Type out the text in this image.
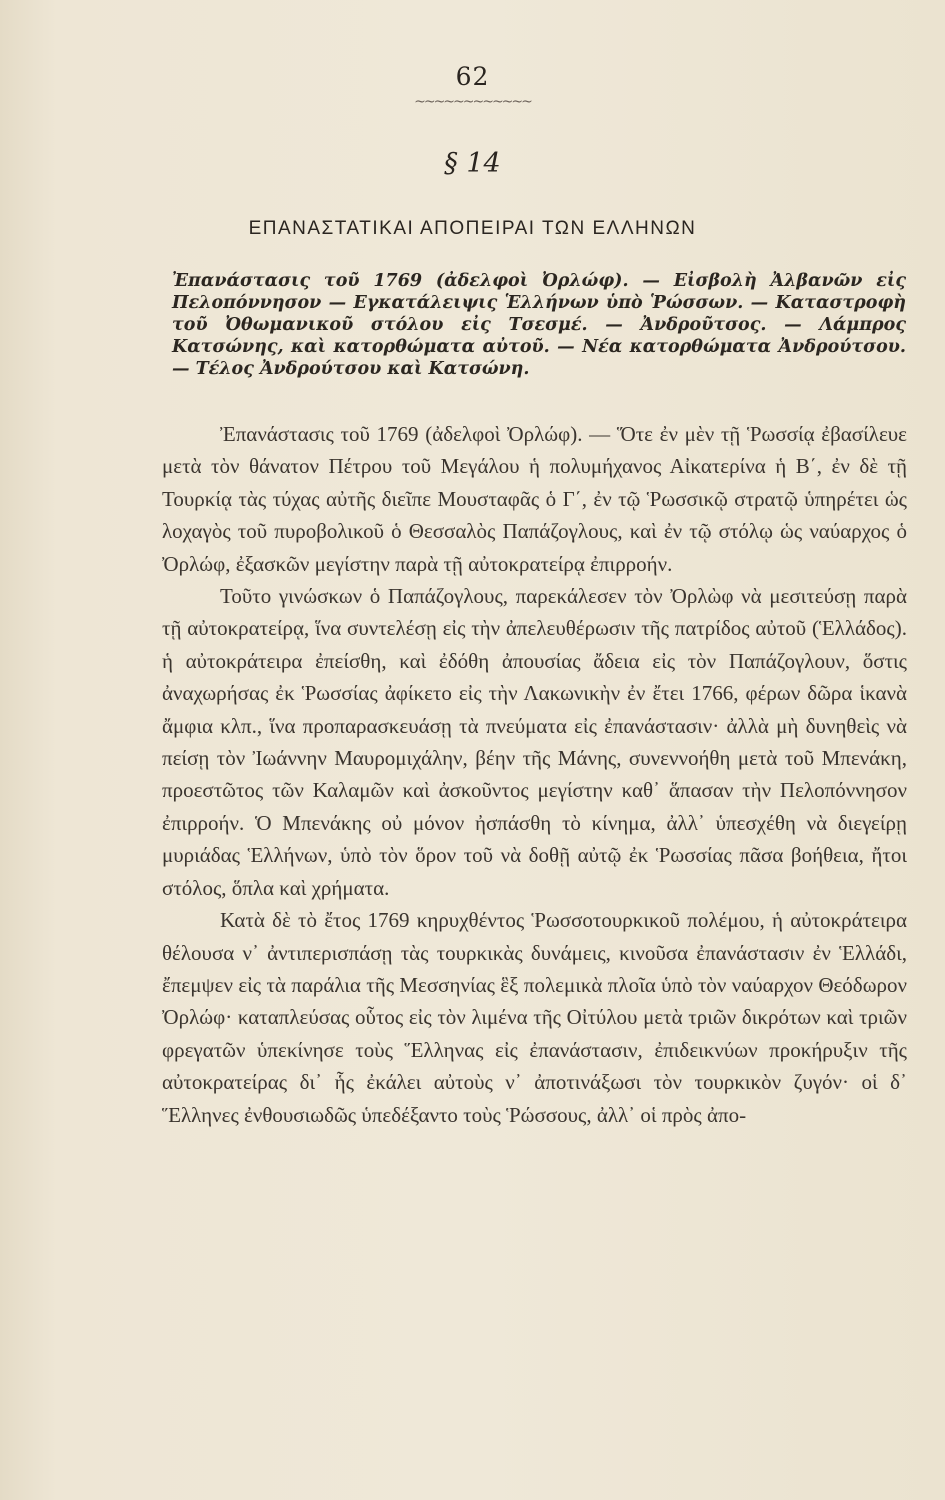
62
~~~~~~~~~~~~
§ 14
ΕΠΑΝΑΣΤΑΤΙΚΑΙ ΑΠΟΠΕΙΡΑΙ ΤΩΝ ΕΛΛΗΝΩΝ
Ἐπανάστασις τοῦ 1769 (ἀδελφοὶ Ὀρλώφ). — Εἰσβολὴ Ἀλβανῶν εἰς Πελοπόννησον — Εγκατάλειψις Ἑλλήνων ὑπὸ Ῥώσσων. — Καταστροφὴ τοῦ Ὀθωμανικοῦ στόλου εἰς Τσεσμέ. — Ἀνδροῦτσος. — Λάμπρος Κατσώνης, καὶ κατορθώματα αὐτοῦ. — Νέα κατορθώματα Ἀνδρούτσου. — Τέλος Ἀνδρούτσου καὶ Κατσώνη.

Ἐπανάστασις τοῦ 1769 (ἀδελφοὶ Ὀρλώφ). — Ὅτε ἐν μὲν τῇ Ῥωσσίᾳ ἐβασίλευε μετὰ τὸν θάνατον Πέτρου τοῦ Μεγάλου ἡ πολυμήχανος Αἰκατερίνα ἡ Β΄, ἐν δὲ τῇ Τουρκίᾳ τὰς τύχας αὐτῆς διεῖπε Μουσταφᾶς ὁ Γ΄, ἐν τῷ Ῥωσσικῷ στρατῷ ὑπηρέτει ὡς λοχαγὸς τοῦ πυροβολικοῦ ὁ Θεσσαλὸς Παπάζογλους, καὶ ἐν τῷ στόλῳ ὡς ναύαρχος ὁ Ὀρλώφ, ἐξασκῶν μεγίστην παρὰ τῇ αὐτοκρατείρᾳ ἐπιρροήν.

Τοῦτο γινώσκων ὁ Παπάζογλους, παρεκάλεσεν τὸν Ὀρλὼφ νὰ μεσιτεύσῃ παρὰ τῇ αὐτοκρατείρᾳ, ἵνα συντελέσῃ εἰς τὴν ἀπελευθέρωσιν τῆς πατρίδος αὐτοῦ (Ἑλλάδος). ἡ αὐτοκράτειρα ἐπείσθη, καὶ ἐδόθη ἀπουσίας ἄδεια εἰς τὸν Παπάζογλουν, ὅστις ἀναχωρήσας ἐκ Ῥωσσίας ἀφίκετο εἰς τὴν Λακωνικὴν ἐν ἔτει 1766, φέρων δῶρα ἱκανὰ ἄμφια κλπ., ἵνα προπαρασκευάσῃ τὰ πνεύματα εἰς ἐπανάστασιν· ἀλλὰ μὴ δυνηθεὶς νὰ πείσῃ τὸν Ἰωάννην Μαυρομιχάλην, βέην τῆς Μάνης, συνεννοήθη μετὰ τοῦ Μπενάκη, προεστῶτος τῶν Καλαμῶν καὶ ἀσκοῦντος μεγίστην καθ᾽ ἅπασαν τὴν Πελοπόννησον ἐπιρροήν. Ὁ Μπενάκης οὐ μόνον ἠσπάσθη τὸ κίνημα, ἀλλ᾽ ὑπεσχέθη νὰ διεγείρῃ μυριάδας Ἑλλήνων, ὑπὸ τὸν ὅρον τοῦ νὰ δοθῇ αὐτῷ ἐκ Ῥωσσίας πᾶσα βοήθεια, ἤτοι στόλος, ὅπλα καὶ χρήματα.

Κατὰ δὲ τὸ ἔτος 1769 κηρυχθέντος Ῥωσσοτουρκικοῦ πολέμου, ἡ αὐτοκράτειρα θέλουσα ν᾽ ἀντιπερισπάσῃ τὰς τουρκικὰς δυνάμεις, κινοῦσα ἐπανάστασιν ἐν Ἑλλάδι, ἔπεμψεν εἰς τὰ παράλια τῆς Μεσσηνίας ἓξ πολεμικὰ πλοῖα ὑπὸ τὸν ναύαρχον Θεόδωρον Ὀρλώφ· καταπλεύσας οὗτος εἰς τὸν λιμένα τῆς Οἰτύλου μετὰ τριῶν δικρότων καὶ τριῶν φρεγατῶν ὑπεκίνησε τοὺς Ἕλληνας εἰς ἐπανάστασιν, ἐπιδεικνύων προκήρυξιν τῆς αὐτοκρατείρας δι᾽ ἧς ἐκάλει αὐτοὺς ν᾽ ἀποτινάξωσι τὸν τουρκικὸν ζυγόν· οἱ δ᾽ Ἕλληνες ἐνθουσιωδῶς ὑπεδέξαντο τοὺς Ῥώσσους, ἀλλ᾽ οἱ πρὸς ἀπο-
